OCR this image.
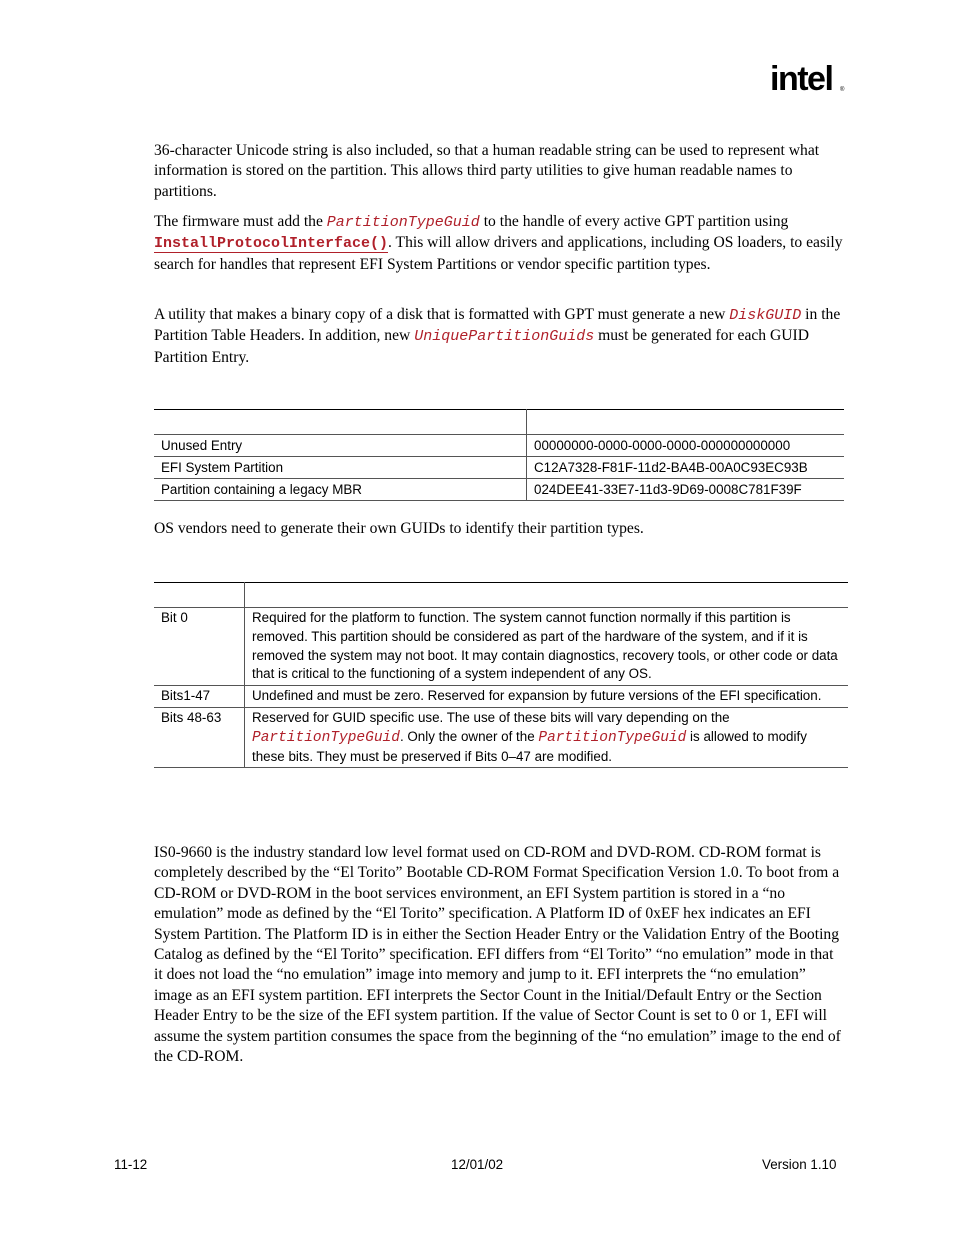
intel ®

36-character Unicode string is also included, so that a human readable string can be used to represent what information is stored on the partition. This allows third party utilities to give human readable names to partitions.

The firmware must add the PartitionTypeGuid to the handle of every active GPT partition using InstallProtocolInterface(). This will allow drivers and applications, including OS loaders, to easily search for handles that represent EFI System Partitions or vendor specific partition types.

A utility that makes a binary copy of a disk that is formatted with GPT must generate a new DiskGUID in the Partition Table Headers. In addition, new UniquePartitionGuids must be generated for each GUID Partition Entry.

Unused Entry	00000000-0000-0000-0000-000000000000
EFI System Partition	C12A7328-F81F-11d2-BA4B-00A0C93EC93B
Partition containing a legacy MBR	024DEE41-33E7-11d3-9D69-0008C781F39F

OS vendors need to generate their own GUIDs to identify their partition types.

Bit 0	Required for the platform to function. The system cannot function normally if this partition is removed. This partition should be considered as part of the hardware of the system, and if it is removed the system may not boot. It may contain diagnostics, recovery tools, or other code or data that is critical to the functioning of a system independent of any OS.
Bits1-47	Undefined and must be zero. Reserved for expansion by future versions of the EFI specification.
Bits 48-63	Reserved for GUID specific use. The use of these bits will vary depending on the PartitionTypeGuid. Only the owner of the PartitionTypeGuid is allowed to modify these bits. They must be preserved if Bits 0–47 are modified.

IS0-9660 is the industry standard low level format used on CD-ROM and DVD-ROM. CD-ROM format is completely described by the “El Torito” Bootable CD-ROM Format Specification Version 1.0. To boot from a CD-ROM or DVD-ROM in the boot services environment, an EFI System partition is stored in a “no emulation” mode as defined by the “El Torito” specification. A Platform ID of 0xEF hex indicates an EFI System Partition. The Platform ID is in either the Section Header Entry or the Validation Entry of the Booting Catalog as defined by the “El Torito” specification. EFI differs from “El Torito” “no emulation” mode in that it does not load the “no emulation” image into memory and jump to it. EFI interprets the “no emulation” image as an EFI system partition. EFI interprets the Sector Count in the Initial/Default Entry or the Section Header Entry to be the size of the EFI system partition. If the value of Sector Count is set to 0 or 1, EFI will assume the system partition consumes the space from the beginning of the “no emulation” image to the end of the CD-ROM.

11-12	12/01/02	Version 1.10
